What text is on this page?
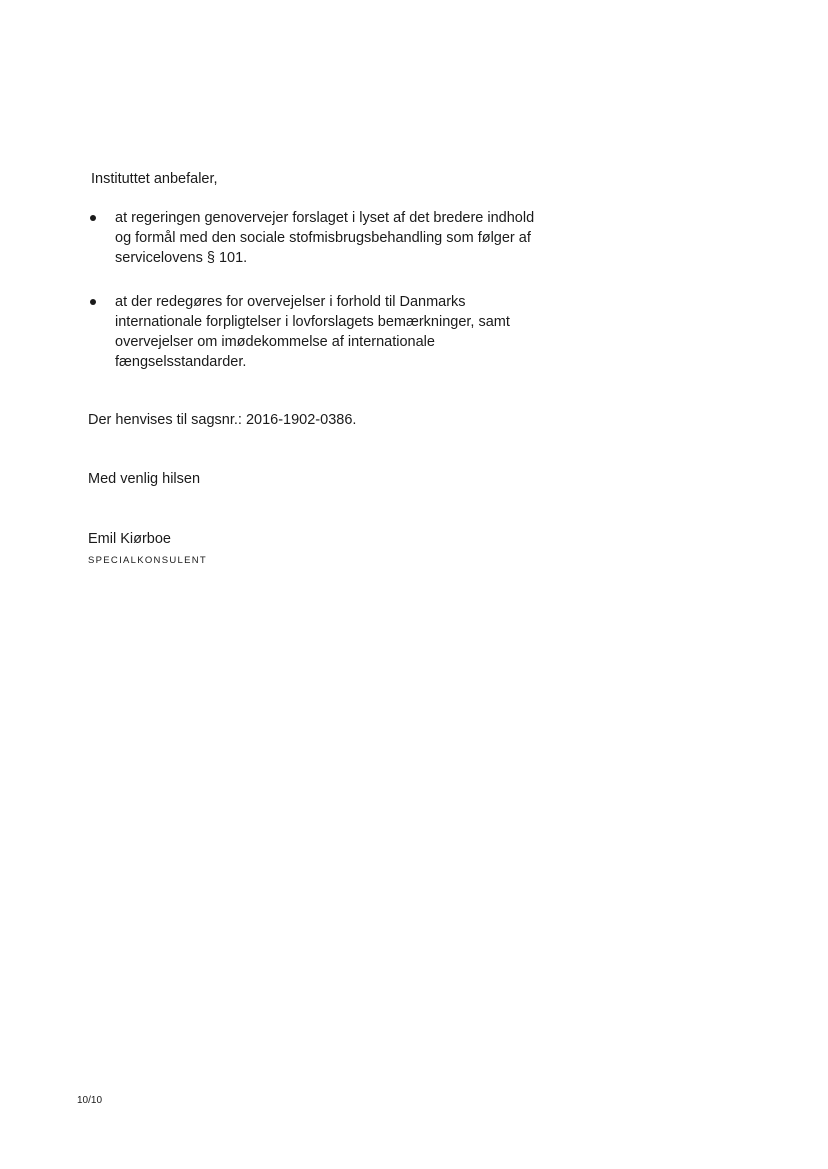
Instituttet anbefaler,
at regeringen genovervejer forslaget i lyset af det bredere indhold
og formål med den sociale stofmisbrugsbehandling som følger af
servicelovens § 101.
at der redegøres for overvejelser i forhold til Danmarks
internationale forpligtelser i lovforslagets bemærkninger, samt
overvejelser om imødekommelse af internationale
fængselsstandarder.
Der henvises til sagsnr.: 2016-1902-0386.
Med venlig hilsen
Emil Kiørboe
SPECIALKONSULENT
10/10
